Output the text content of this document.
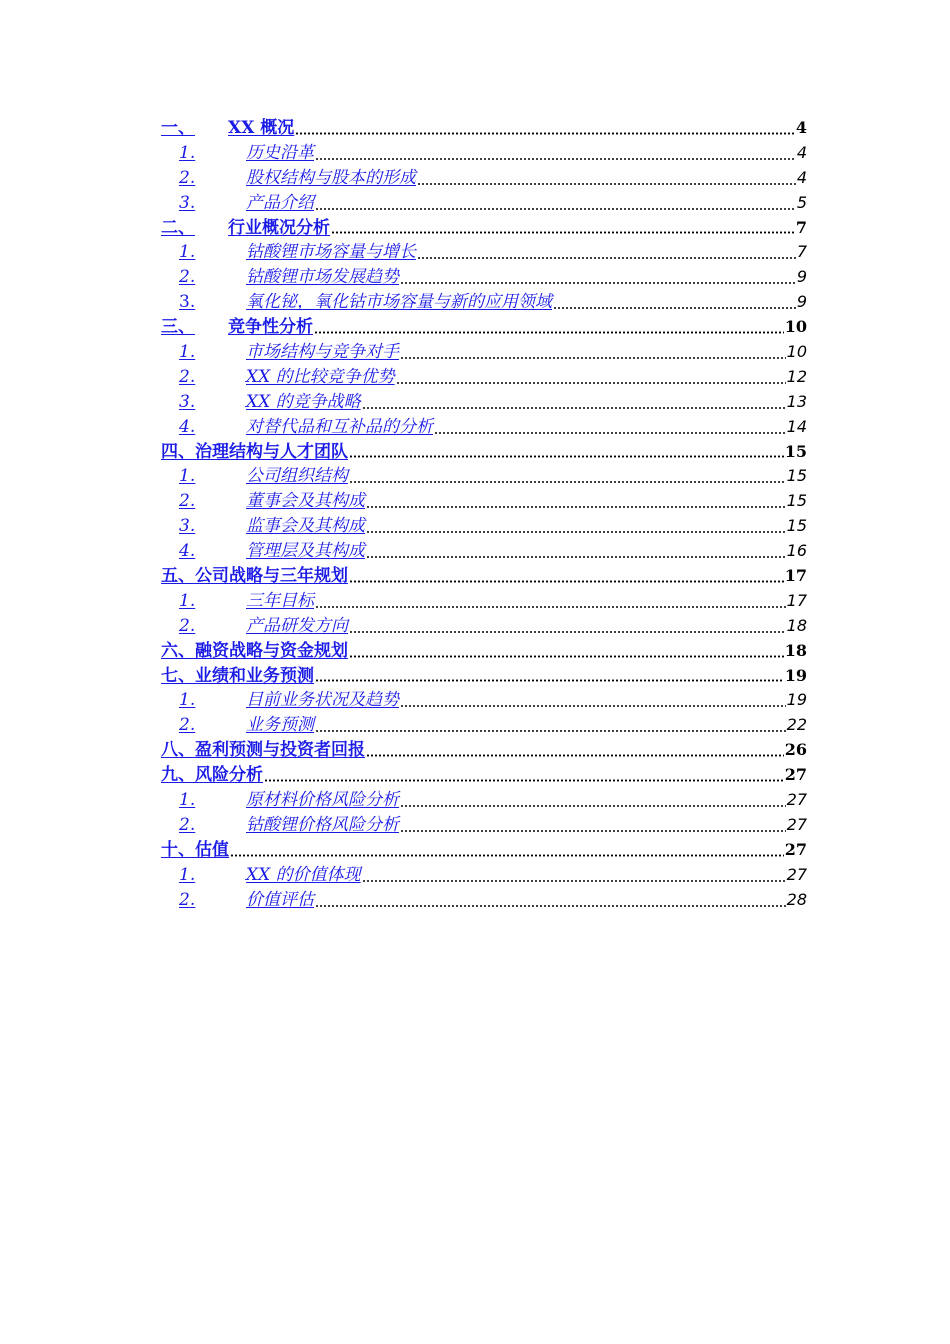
一、	XX 概况	4
1.	历史沿革	4
2.	股权结构与股本的形成	4
3.	产品介绍	5
二、	行业概况分析	7
1.	钴酸锂市场容量与增长	7
2.	钴酸锂市场发展趋势	9
3.	氧化铋，氧化钴市场容量与新的应用领域	9
三、	竞争性分析	10
1.	市场结构与竞争对手	10
2.	XX 的比较竞争优势	12
3.	XX 的竞争战略	13
4.	对替代品和互补品的分析	14
四、 治理结构与人才团队	15
1.	公司组织结构	15
2.	董事会及其构成	15
3.	监事会及其构成	15
4.	管理层及其构成	16
五、 公司战略与三年规划	17
1.	三年目标	17
2.	产品研发方向	18
六、 融资战略与资金规划	18
七、 业绩和业务预测	19
1.	目前业务状况及趋势	19
2.	业务预测	22
八、 盈利预测与投资者回报	26
九、 风险分析	27
1.	原材料价格风险分析	27
2.	钴酸锂价格风险分析	27
十、 估值	27
1.	XX 的价值体现	27
2.	价值评估	28
